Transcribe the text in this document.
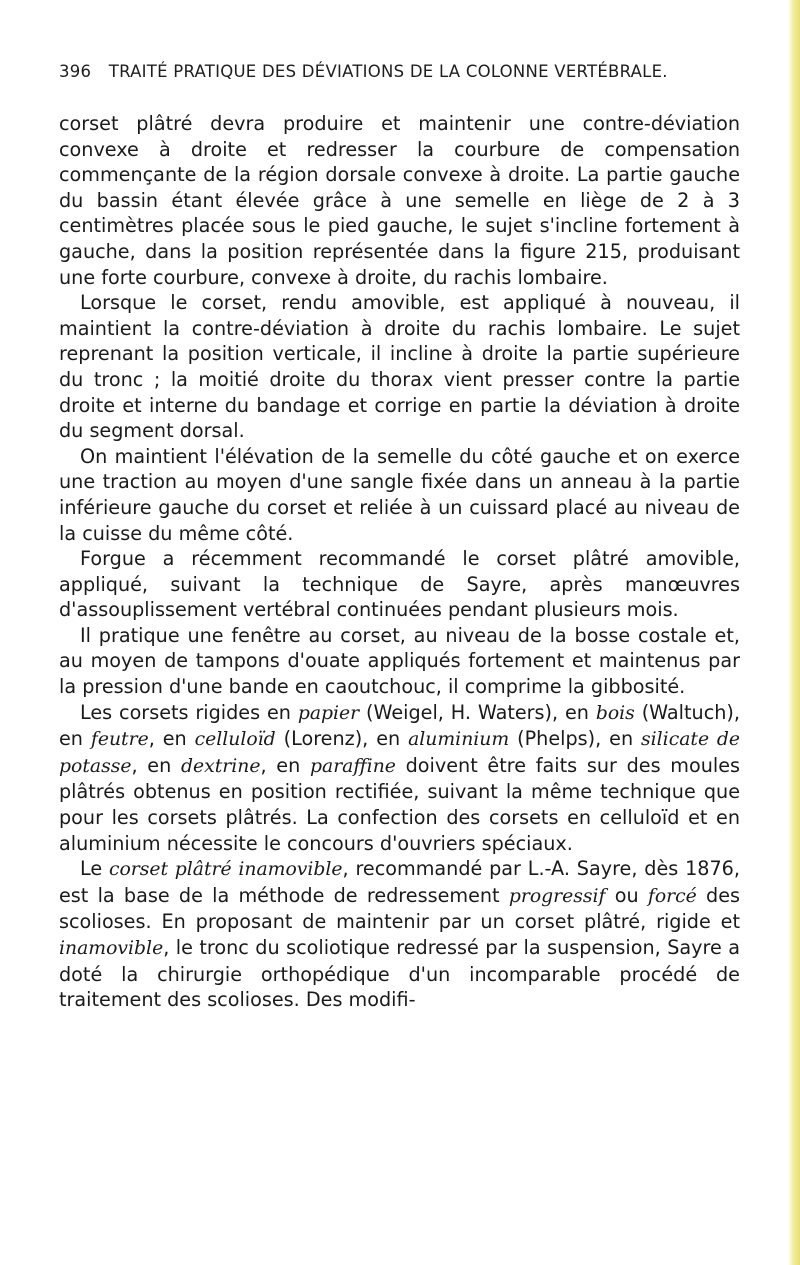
396 TRAITÉ PRATIQUE DES DÉVIATIONS DE LA COLONNE VERTÉBRALE.

corset plâtré devra produire et maintenir une contre-déviation convexe à droite et redresser la courbure de compensation commençante de la région dorsale convexe à droite. La partie gauche du bassin étant élevée grâce à une semelle en liège de 2 à 3 centimètres placée sous le pied gauche, le sujet s'incline fortement à gauche, dans la position représentée dans la figure 215, produisant une forte courbure, convexe à droite, du rachis lombaire.

Lorsque le corset, rendu amovible, est appliqué à nouveau, il maintient la contre-déviation à droite du rachis lombaire. Le sujet reprenant la position verticale, il incline à droite la partie supérieure du tronc ; la moitié droite du thorax vient presser contre la partie droite et interne du bandage et corrige en partie la déviation à droite du segment dorsal.

On maintient l'élévation de la semelle du côté gauche et on exerce une traction au moyen d'une sangle fixée dans un anneau à la partie inférieure gauche du corset et reliée à un cuissard placé au niveau de la cuisse du même côté.

Forgue a récemment recommandé le corset plâtré amovible, appliqué, suivant la technique de Sayre, après manœuvres d'assouplissement vertébral continuées pendant plusieurs mois.

Il pratique une fenêtre au corset, au niveau de la bosse costale et, au moyen de tampons d'ouate appliqués fortement et maintenus par la pression d'une bande en caoutchouc, il comprime la gibbosité.

Les corsets rigides en papier (Weigel, H. Waters), en bois (Waltuch), en feutre, en celluloïd (Lorenz), en aluminium (Phelps), en silicate de potasse, en dextrine, en paraffine doivent être faits sur des moules plâtrés obtenus en position rectifiée, suivant la même technique que pour les corsets plâtrés. La confection des corsets en celluloïd et en aluminium nécessite le concours d'ouvriers spéciaux.

Le corset plâtré inamovible, recommandé par L.-A. Sayre, dès 1876, est la base de la méthode de redressement progressif ou forcé des scolioses. En proposant de maintenir par un corset plâtré, rigide et inamovible, le tronc du scoliotique redressé par la suspension, Sayre a doté la chirurgie orthopédique d'un incomparable procédé de traitement des scolioses. Des modifi-
